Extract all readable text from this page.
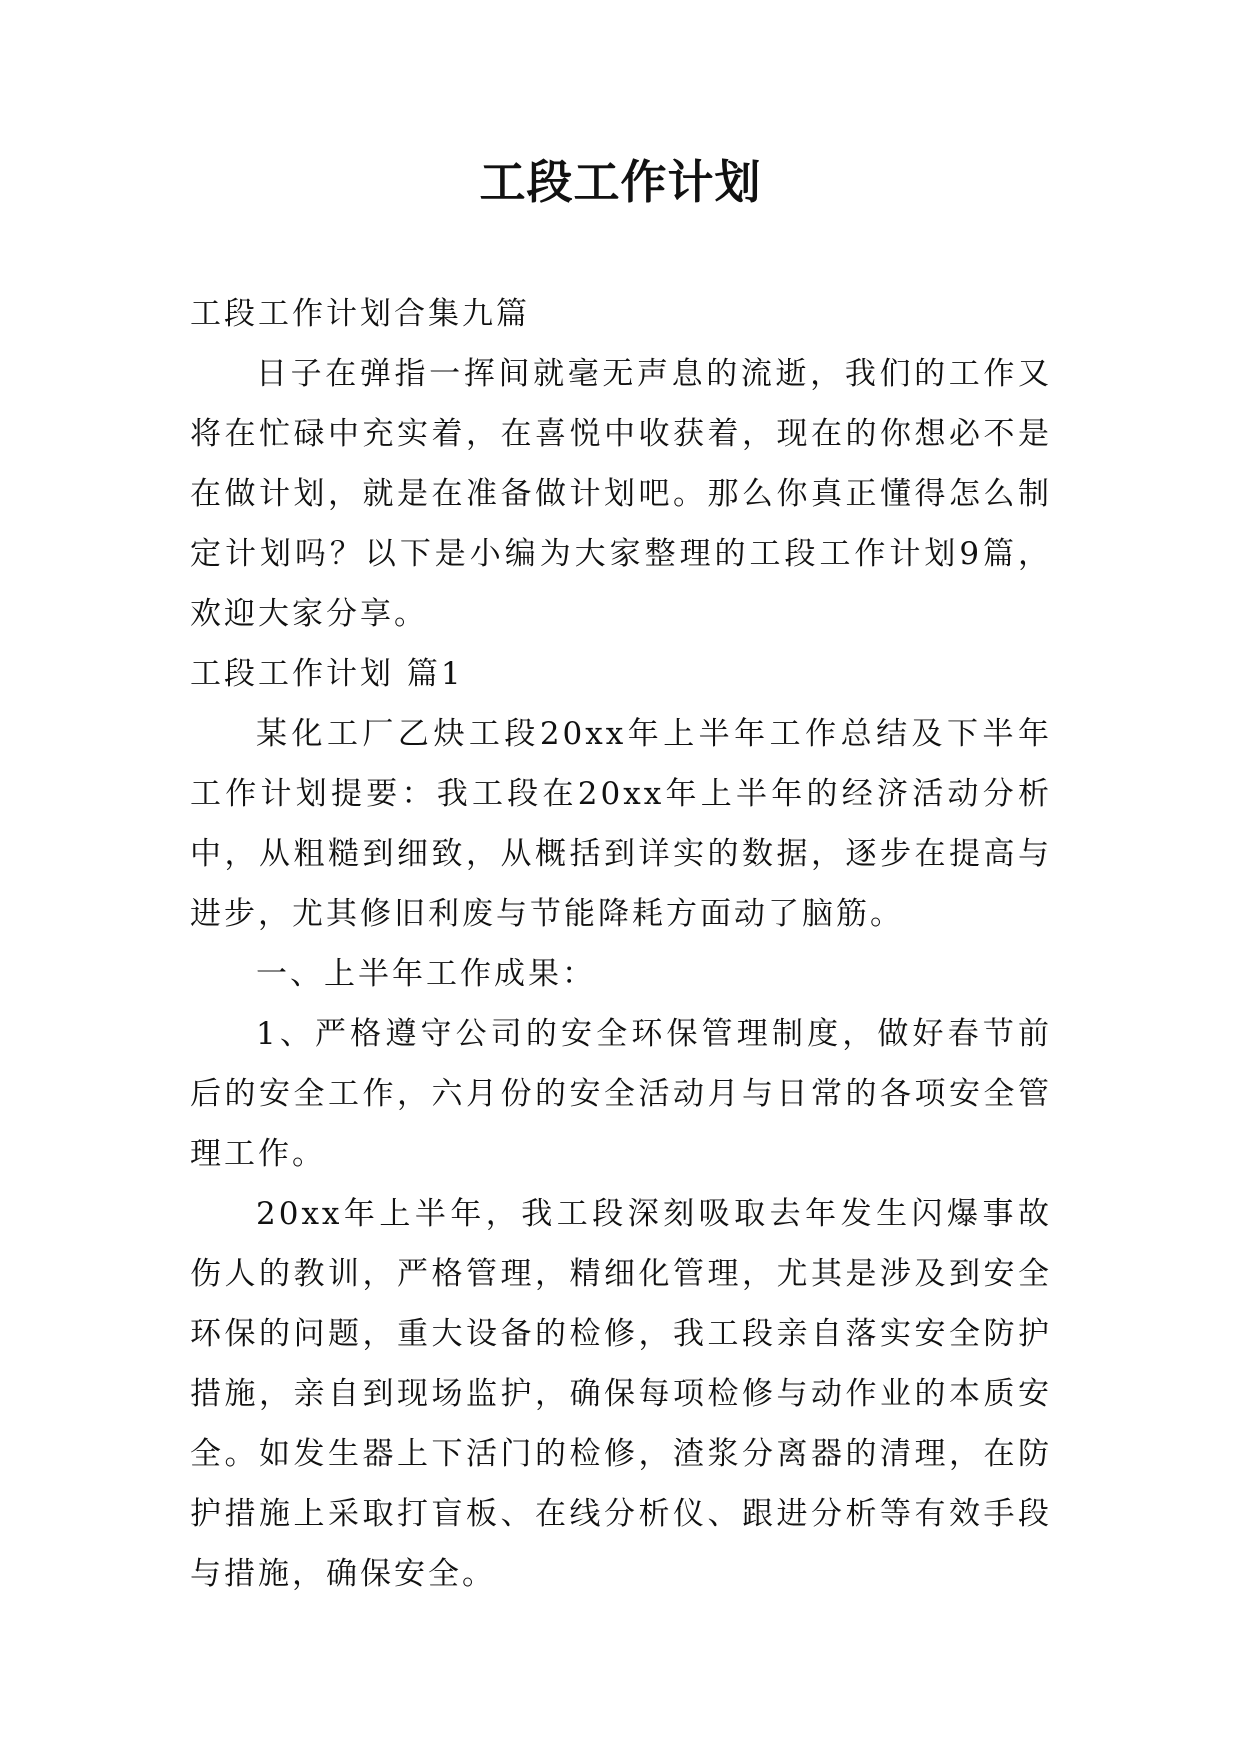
工段工作计划

工段工作计划合集九篇

日子在弹指一挥间就毫无声息的流逝，我们的工作又将在忙碌中充实着，在喜悦中收获着，现在的你想必不是在做计划，就是在准备做计划吧。那么你真正懂得怎么制定计划吗？以下是小编为大家整理的工段工作计划9篇，欢迎大家分享。

工段工作计划 篇1

某化工厂乙炔工段20xx年上半年工作总结及下半年工作计划提要：我工段在20xx年上半年的经济活动分析中，从粗糙到细致，从概括到详实的数据，逐步在提高与进步，尤其修旧利废与节能降耗方面动了脑筋。

一、上半年工作成果：

1、严格遵守公司的安全环保管理制度，做好春节前后的安全工作，六月份的安全活动月与日常的各项安全管理工作。

20xx年上半年，我工段深刻吸取去年发生闪爆事故伤人的教训，严格管理，精细化管理，尤其是涉及到安全环保的问题，重大设备的检修，我工段亲自落实安全防护措施，亲自到现场监护，确保每项检修与动作业的本质安全。如发生器上下活门的检修，渣浆分离器的清理，在防护措施上采取打盲板、在线分析仪、跟进分析等有效手段与措施，确保安全。
